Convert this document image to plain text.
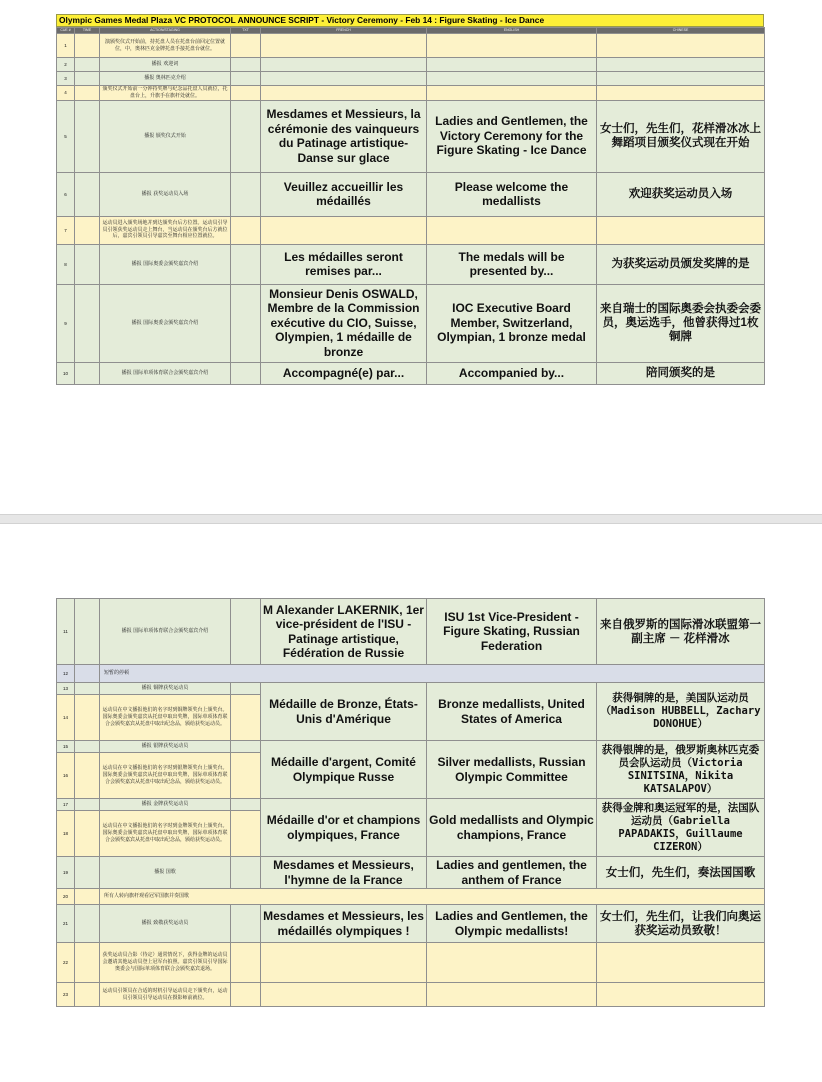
Olympic Games Medal Plaza VC PROTOCOL ANNOUNCE SCRIPT - Victory Ceremony - Feb 14 : Figure Skating - Ice Dance
CUE #	TIME	ACTION/STAGING	TXT	FRENCH	ENGLISH	CHINESE
1		演颁奖仪式开始前，持托盘人员在托盘台前回定位置就位，中，奥林匹克金牌托盘手接托盘台就位。				
2		播报 欢迎词				
3		播报 奥林匹克介绍				
4		颁奖仪式开始前一分钟持奖牌与纪念品托盘人员就位，托盘台上，升旗手在旗杆处就位。				
5		播报 颁奖仪式开始		Mesdames et Messieurs, la cérémonie des vainqueurs du Patinage artistique- Danse sur glace	Ladies and Gentlemen, the Victory Ceremony for the Figure Skating - Ice Dance	女士们，先生们，花样滑冰冰上舞蹈项目颁奖仪式现在开始
6		播报 获奖运动员入场		Veuillez accueillir les médaillés	Please welcome the medallists	欢迎获奖运动员入场
7		运动员进入颁奖场地并到达颁奖台后方位置。运动员引导员引领获奖运动员走上舞台，当运动员在颁奖台后方就位后，嘉宾引领员引导嘉宾至舞台相应位置就位。				
8		播报 国际奥委会颁奖嘉宾介绍		Les médailles seront remises par...	The medals will be presented by...	为获奖运动员颁发奖牌的是
9		播报 国际奥委会颁奖嘉宾介绍		Monsieur Denis OSWALD, Membre de la Commission exécutive du CIO, Suisse, Olympien, 1 médaille de bronze	IOC Executive Board Member, Switzerland, Olympian, 1 bronze medal	来自瑞士的国际奥委会执委会委员，奥运选手，他曾获得过1枚铜牌
10		播报 国际单项体育联合会颁奖嘉宾介绍		Accompagné(e) par...	Accompanied by...	陪同颁奖的是
11		播报 国际单项体育联合会颁奖嘉宾介绍		M Alexander LAKERNIK, 1er vice-président de l'ISU - Patinage artistique, Fédération de Russie	ISU 1st Vice-President - Figure Skating, Russian Federation	来自俄罗斯的国际滑冰联盟第一副主席 － 花样滑冰
12		短暂的停顿				
13		播报 铜牌获奖运动员		Médaille de Bronze, États-Unis d'Amérique	Bronze medallists, United States of America	获得铜牌的是，美国队运动员（Madison HUBBELL，Zachary DONOHUE）
14		运动员在中文播报他们的名字时到铜牌领奖台上颁奖台。国际奥委会颁奖嘉宾从托盘中取出奖牌，国际单项体育联合会颁奖嘉宾从托盘中取出纪念品，颁给获奖运动员。				
15		播报 银牌获奖运动员		Médaille d'argent, Comité Olympique Russe	Silver medallists, Russian Olympic Committee	获得银牌的是，俄罗斯奥林匹克委员会队运动员（Victoria SINITSINA，Nikita KATSALAPOV）
16		运动员在中文播报他们的名字时到银牌领奖台上颁奖台。国际奥委会颁奖嘉宾从托盘中取出奖牌，国际单项体育联合会颁奖嘉宾从托盘中取出纪念品，颁给获奖运动员。				
17		播报 金牌获奖运动员		Médaille d'or et champions olympiques, France	Gold medallists and Olympic champions, France	获得金牌和奥运冠军的是，法国队运动员（Gabriella PAPADAKIS，Guillaume CIZERON）
18		运动员在中文播报他们的名字时到金牌领奖台上颁奖台。国际奥委会颁奖嘉宾从托盘中取出奖牌，国际单项体育联合会颁奖嘉宾从托盘中取出纪念品，颁给获奖运动员。				
19		播报 国歌		Mesdames et Messieurs, l'hymne de la France	Ladies and gentlemen, the anthem of France	女士们，先生们，奏法国国歌
20		所有人转向旗杆观看冠军国旗并奏国歌				
21		播报 致敬获奖运动员		Mesdames et Messieurs, les médaillés olympiques !	Ladies and Gentlemen, the Olympic medallists!	女士们，先生们，让我们向奥运获奖运动员致敬！
22		获奖运动员合影（待定）通常情况下，获得金牌的运动员会邀请其他运动员登上冠军台拍照。嘉宾引领员引导国际奥委会与国际单项体育联合会颁奖嘉宾退场。				
23		运动员引领员在合适的时机引导运动员走下颁奖台，运动员引领员引导运动员在摄影师前就位。				
